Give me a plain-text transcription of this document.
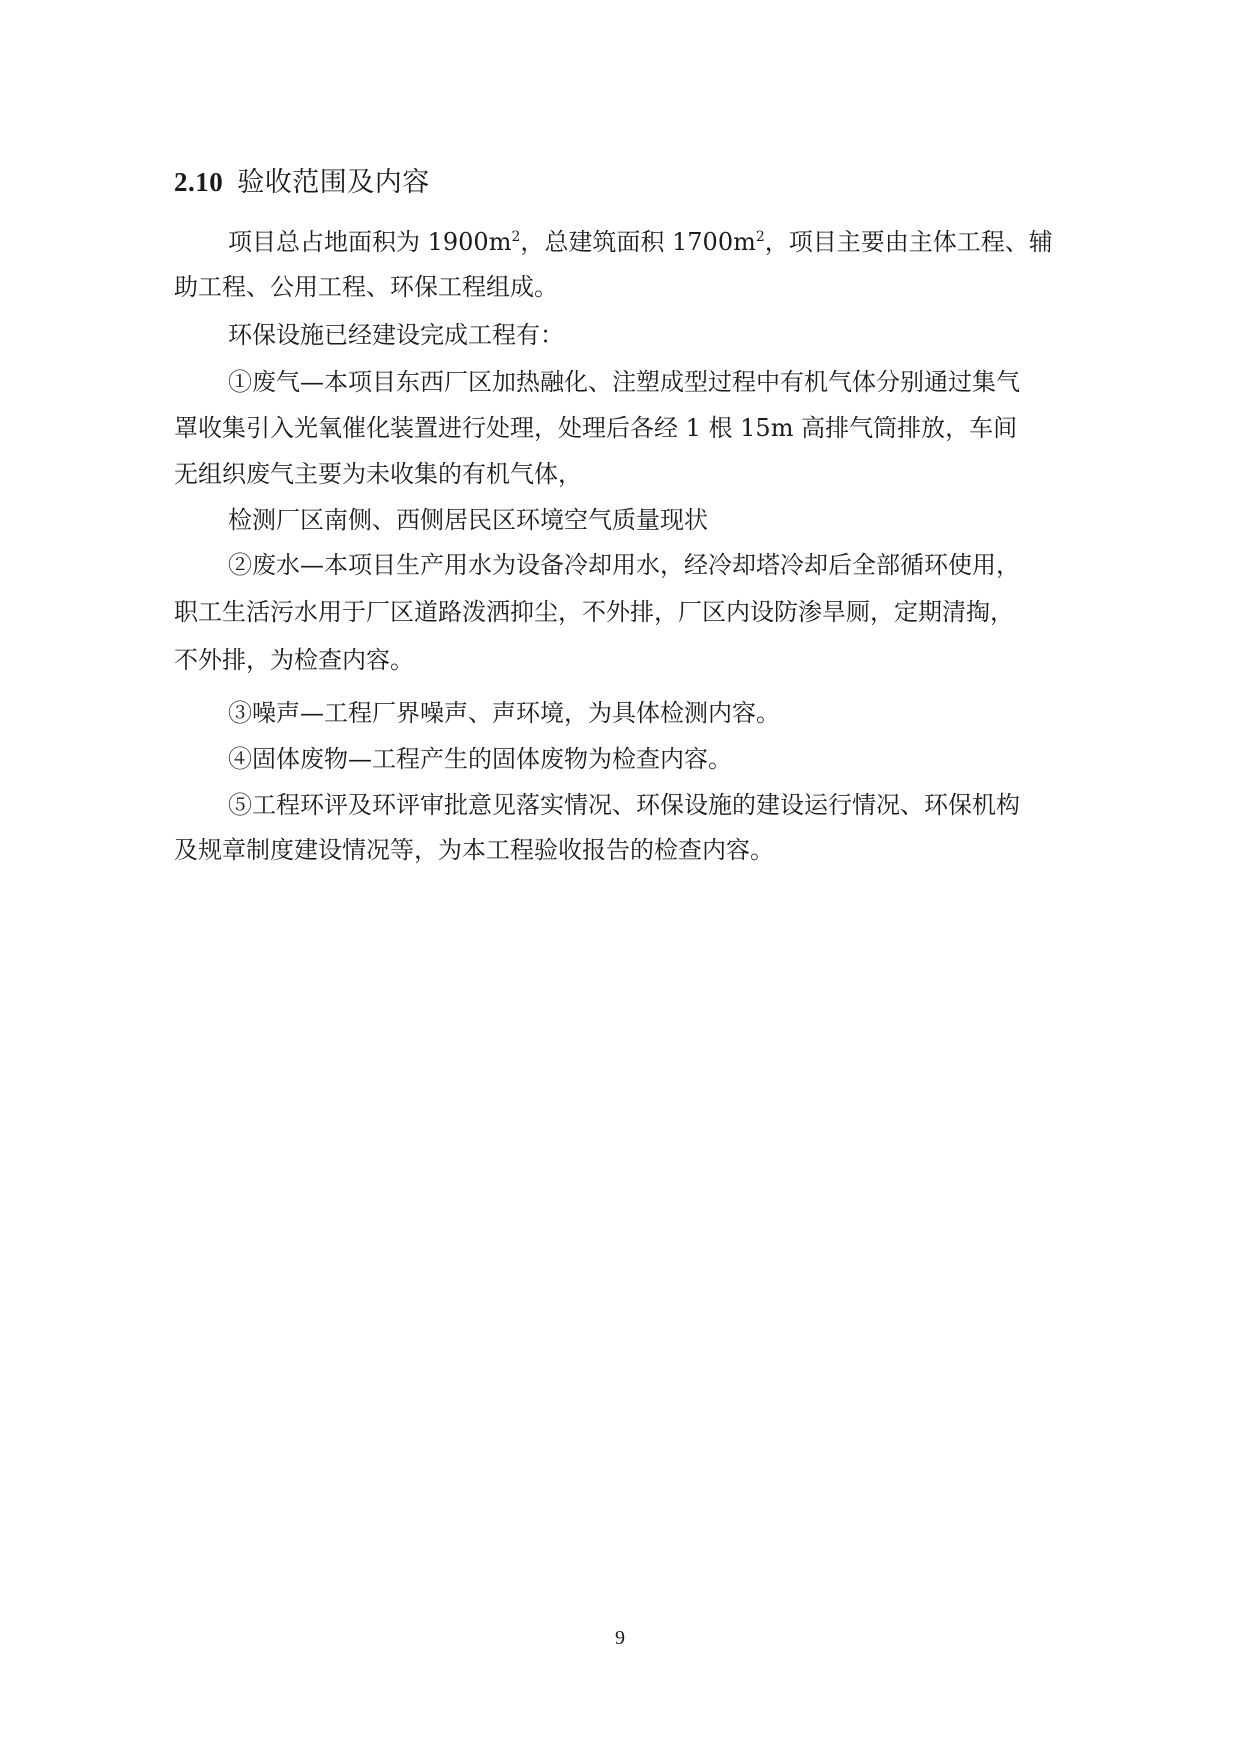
2.10 验收范围及内容
项目总占地面积为 $1900m^2$，总建筑面积 $1700m^2$，项目主要由主体工程、辅
助工程、公用工程、环保工程组成。
环保设施已经建设完成工程有：
①废气—本项目东西厂区加热融化、注塑成型过程中有机气体分别通过集气
罩收集引入光氧催化装置进行处理，处理后各经 1 根 15m 高排气筒排放，车间
无组织废气主要为未收集的有机气体，
检测厂区南侧、西侧居民区环境空气质量现状
②废水—本项目生产用水为设备冷却用水，经冷却塔冷却后全部循环使用，
职工生活污水用于厂区道路泼洒抑尘，不外排，厂区内设防渗旱厕，定期清掏，
不外排，为检查内容。
③噪声—工程厂界噪声、声环境，为具体检测内容。
④固体废物—工程产生的固体废物为检查内容。
⑤工程环评及环评审批意见落实情况、环保设施的建设运行情况、环保机构
及规章制度建设情况等，为本工程验收报告的检查内容。
9
